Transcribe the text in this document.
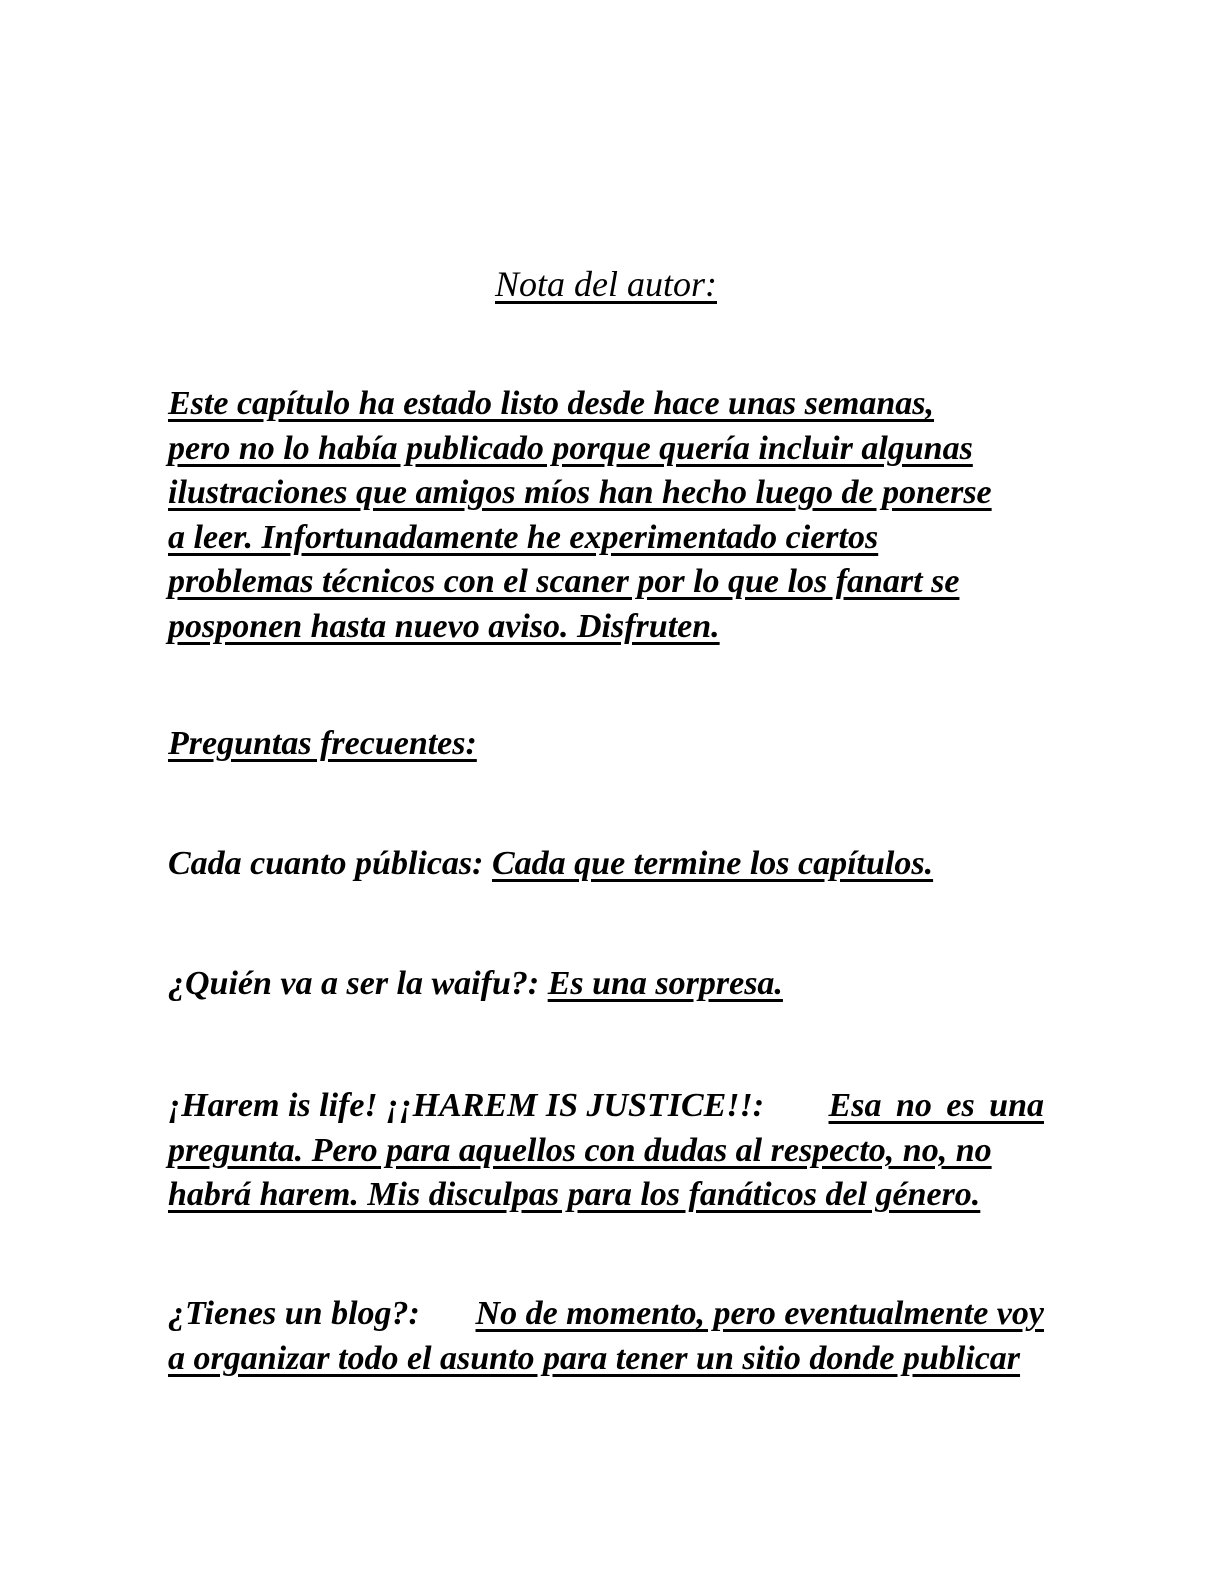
Nota del autor:
Este capítulo ha estado listo desde hace unas semanas,
pero no lo había publicado porque quería incluir algunas
ilustraciones que amigos míos han hecho luego de ponerse
a leer. Infortunadamente he experimentado ciertos
problemas técnicos con el scaner por lo que los fanart se
posponen hasta nuevo aviso. Disfruten.
Preguntas frecuentes:
Cada cuanto públicas: Cada que termine los capítulos.
¿Quién va a ser la waifu?: Es una sorpresa.
¡Harem is life! ¡¡HAREM IS JUSTICE!!: Esa no es una
pregunta. Pero para aquellos con dudas al respecto, no, no
habrá harem. Mis disculpas para los fanáticos del género.
¿Tienes un blog?: No de momento, pero eventualmente voy
a organizar todo el asunto para tener un sitio donde publicar
